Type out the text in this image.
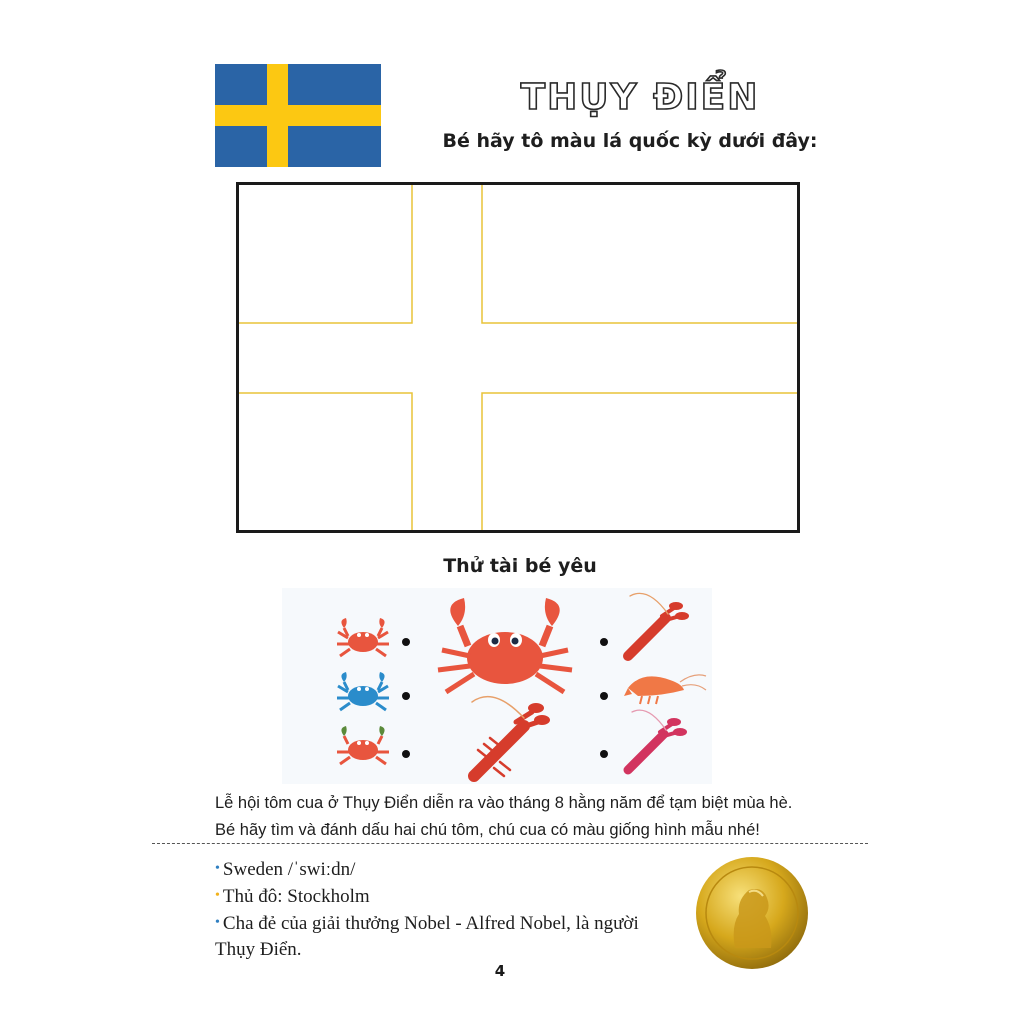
THỤY ĐIỂN
Bé hãy tô màu lá quốc kỳ dưới đây:
Thử tài bé yêu
Lễ hội tôm cua ở Thụy Điển diễn ra vào tháng 8 hằng năm để tạm biệt mùa hè.
Bé hãy tìm và đánh dấu hai chú tôm, chú cua có màu giống hình mẫu nhé!
• Sweden /ˈswiːdn/
• Thủ đô: Stockholm
• Cha đẻ của giải thưởng Nobel - Alfred Nobel, là người Thụy Điển.
4
